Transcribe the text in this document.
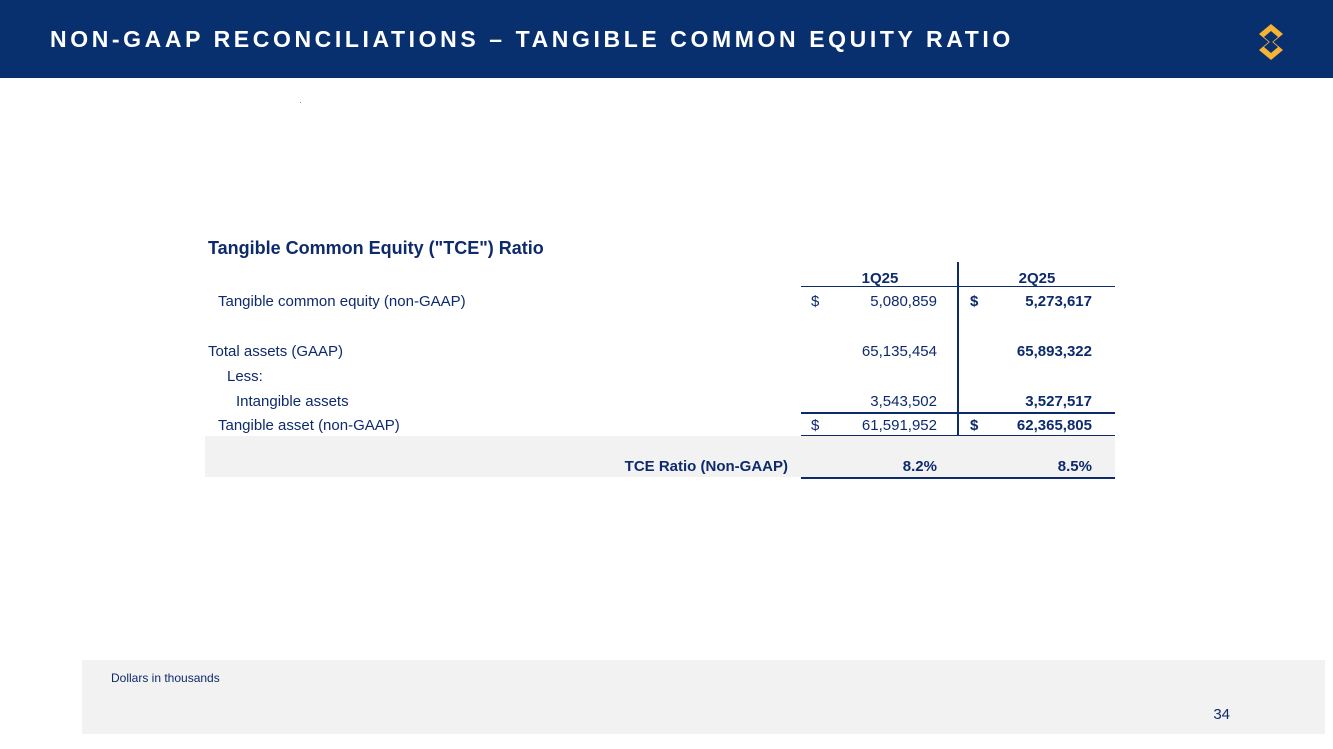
NON-GAAP RECONCILIATIONS – TANGIBLE COMMON EQUITY RATIO
Tangible Common Equity ("TCE") Ratio
1Q25	2Q25
Tangible common equity (non-GAAP)	$	5,080,859 $	5,273,617
Total assets (GAAP)	65,135,454	65,893,322
Less:
Intangible assets	3,543,502	3,527,517
Tangible asset (non-GAAP)	$	61,591,952 $	62,365,805
TCE Ratio (Non-GAAP)	8.2%	8.5%
Dollars in thousands
34
